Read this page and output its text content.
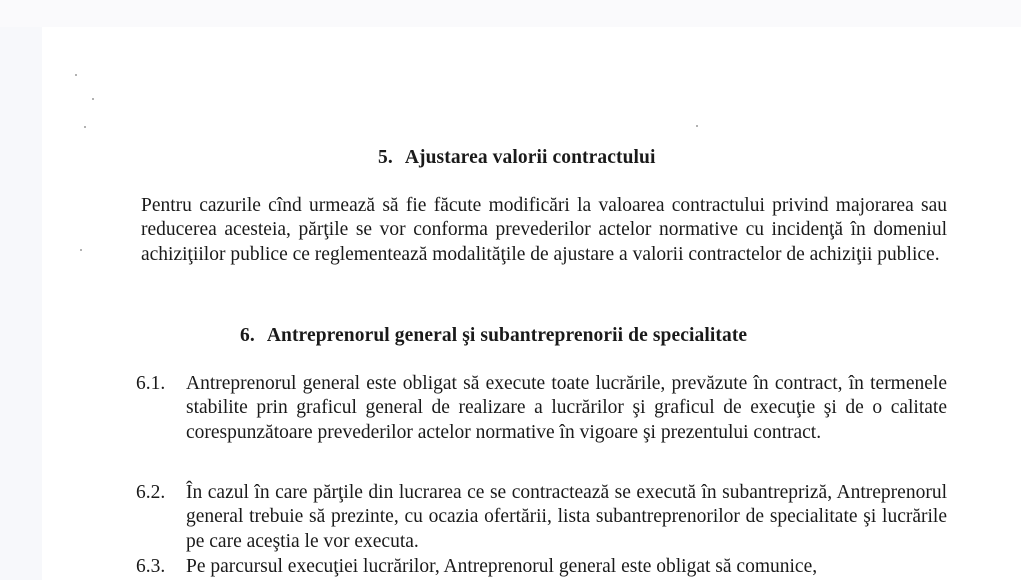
5. Ajustarea valorii contractului
Pentru cazurile cînd urmează să fie făcute modificări la valoarea contractului privind majorarea sau reducerea acesteia, părţile se vor conforma prevederilor actelor normative cu incidenţă în domeniul achiziţiilor publice ce reglementează modalităţile de ajustare a valorii contractelor de achiziţii publice.
6. Antreprenorul general şi subantreprenorii de specialitate
6.1. Antreprenorul general este obligat să execute toate lucrările, prevăzute în contract, în termenele stabilite prin graficul general de realizare a lucrărilor şi graficul de execuţie şi de o calitate corespunzătoare prevederilor actelor normative în vigoare şi prezentului contract.
6.2. În cazul în care părţile din lucrarea ce se contractează se execută în subantrepriză, Antreprenorul general trebuie să prezinte, cu ocazia ofertării, lista subantreprenorilor de specialitate şi lucrările pe care aceştia le vor executa.
6.3. Pe parcursul execuţiei lucrărilor, Antreprenorul general este obligat să comunice,
